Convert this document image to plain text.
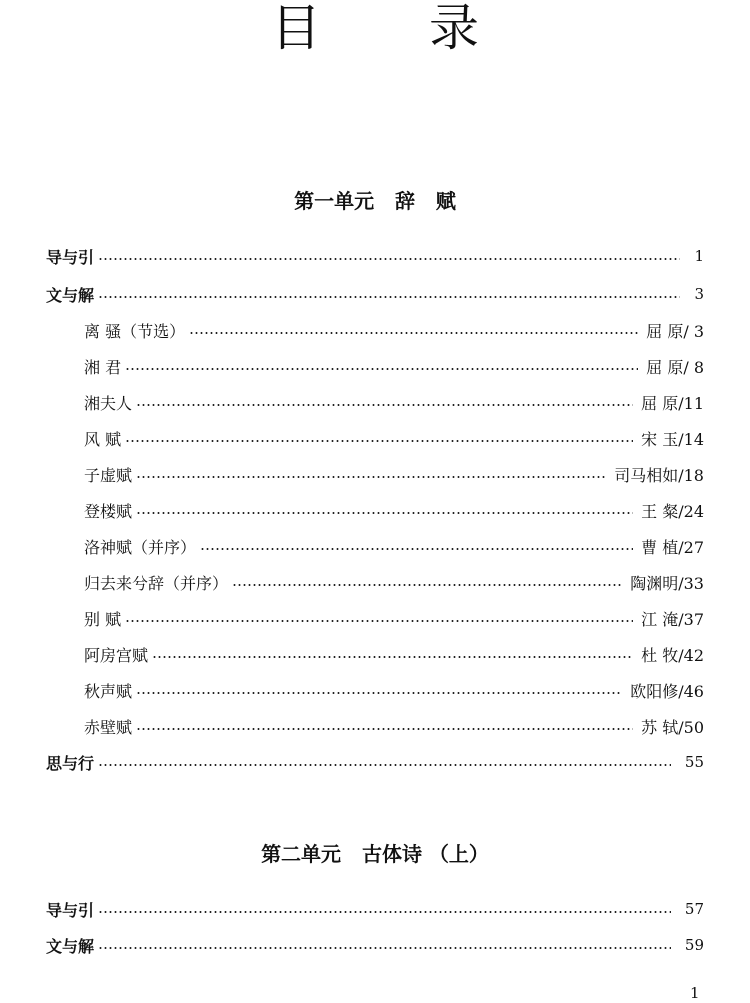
目 录
第一单元   辞   赋
导与引	1
文与解	3
离 骚（节选）	屈 原/ 3
湘 君	屈 原/ 8
湘夫人	屈 原/11
风 赋	宋 玉/14
子虚赋	司马相如/18
登楼赋	王 粲/24
洛神赋（并序）	曹 植/27
归去来兮辞（并序）	陶渊明/33
别 赋	江 淹/37
阿房宫赋	杜 牧/42
秋声赋	欧阳修/46
赤壁赋	苏 轼/50
思与行	55
第二单元   古体诗 （上）
导与引	57
文与解	59
1
